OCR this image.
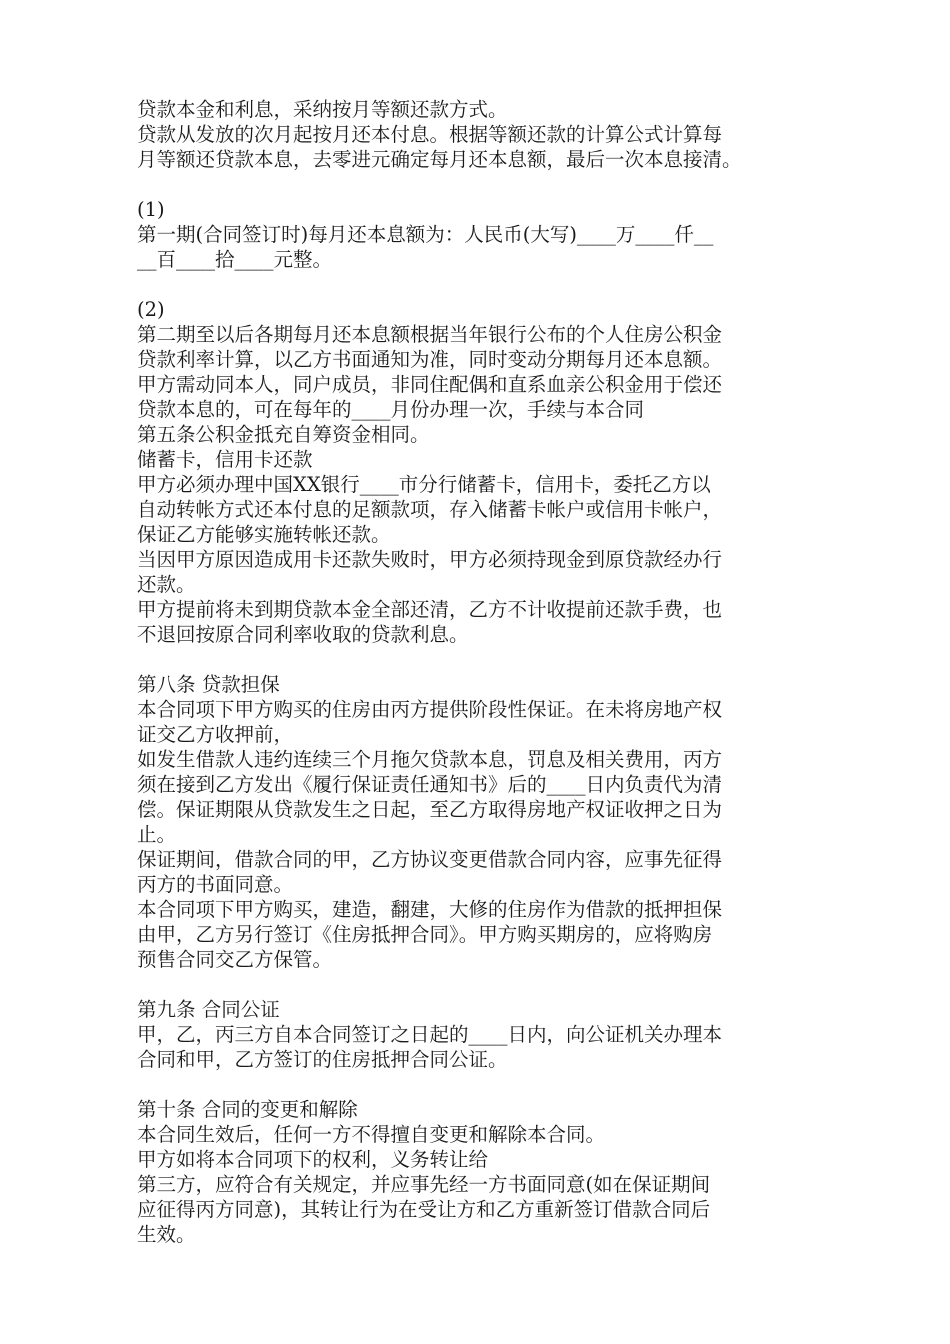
贷款本金和利息，采纳按月等额还款方式。
贷款从发放的次月起按月还本付息。根据等额还款的计算公式计算每
月等额还贷款本息，去零进元确定每月还本息额，最后一次本息接清。
(1)
第一期(合同签订时)每月还本息额为：人民币(大写)____万____仟__
__百____拾____元整。
(2)
第二期至以后各期每月还本息额根据当年银行公布的个人住房公积金
贷款利率计算，以乙方书面通知为准，同时变动分期每月还本息额。
甲方需动同本人，同户成员，非同住配偶和直系血亲公积金用于偿还
贷款本息的，可在每年的____月份办理一次，手续与本合同
第五条公积金抵充自筹资金相同。
储蓄卡，信用卡还款
甲方必须办理中国XX银行____市分行储蓄卡，信用卡，委托乙方以
自动转帐方式还本付息的足额款项，存入储蓄卡帐户或信用卡帐户，
保证乙方能够实施转帐还款。
当因甲方原因造成用卡还款失败时，甲方必须持现金到原贷款经办行
还款。
甲方提前将未到期贷款本金全部还清，乙方不计收提前还款手费，也
不退回按原合同利率收取的贷款利息。
第八条 贷款担保
本合同项下甲方购买的住房由丙方提供阶段性保证。在未将房地产权
证交乙方收押前，
如发生借款人违约连续三个月拖欠贷款本息，罚息及相关费用，丙方
须在接到乙方发出《履行保证责任通知书》后的____日内负责代为清
偿。保证期限从贷款发生之日起，至乙方取得房地产权证收押之日为
止。
保证期间，借款合同的甲，乙方协议变更借款合同内容，应事先征得
丙方的书面同意。
本合同项下甲方购买，建造，翻建，大修的住房作为借款的抵押担保
由甲，乙方另行签订《住房抵押合同》。甲方购买期房的，应将购房
预售合同交乙方保管。
第九条 合同公证
甲，乙，丙三方自本合同签订之日起的____日内，向公证机关办理本
合同和甲，乙方签订的住房抵押合同公证。
第十条 合同的变更和解除
本合同生效后，任何一方不得擅自变更和解除本合同。
甲方如将本合同项下的权利，义务转让给
第三方，应符合有关规定，并应事先经一方书面同意(如在保证期间
应征得丙方同意)，其转让行为在受让方和乙方重新签订借款合同后
生效。
